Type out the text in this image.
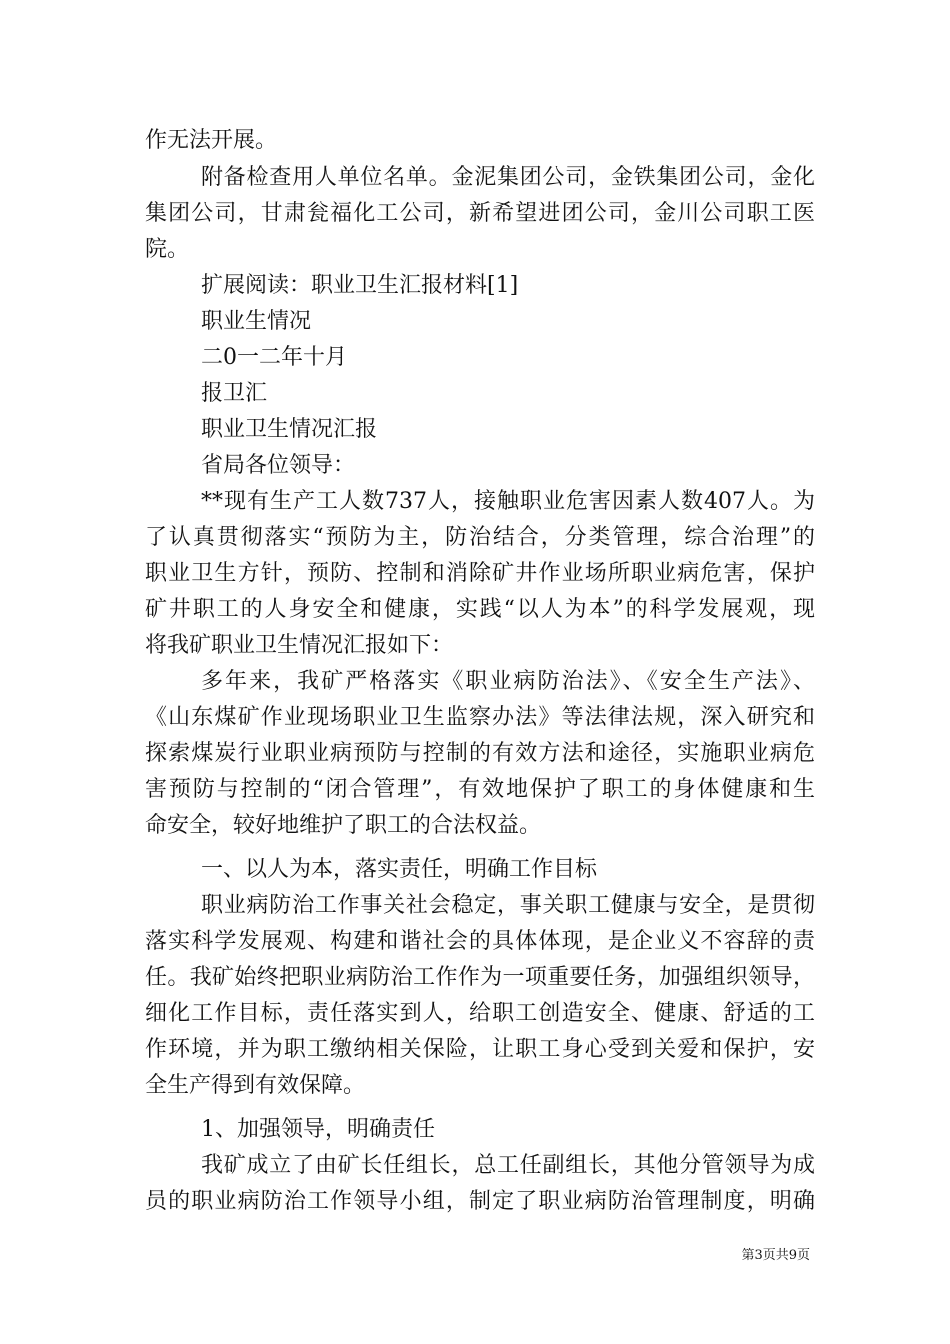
作无法开展。
附备检查用人单位名单。金泥集团公司，金铁集团公司，金化
集团公司，甘肃瓮福化工公司，新希望进团公司，金川公司职工医
院。
扩展阅读：职业卫生汇报材料[1]
职业生情况
二0一二年十月
报卫汇
职业卫生情况汇报
省局各位领导：
**现有生产工人数737人，接触职业危害因素人数407人。为
了认真贯彻落实“预防为主，防治结合，分类管理，综合治理”的
职业卫生方针，预防、控制和消除矿井作业场所职业病危害，保护
矿井职工的人身安全和健康，实践“以人为本”的科学发展观，现
将我矿职业卫生情况汇报如下：
多年来，我矿严格落实《职业病防治法》、《安全生产法》、
《山东煤矿作业现场职业卫生监察办法》等法律法规，深入研究和
探索煤炭行业职业病预防与控制的有效方法和途径，实施职业病危
害预防与控制的“闭合管理”，有效地保护了职工的身体健康和生
命安全，较好地维护了职工的合法权益。
一、以人为本，落实责任，明确工作目标
职业病防治工作事关社会稳定，事关职工健康与安全，是贯彻
落实科学发展观、构建和谐社会的具体体现，是企业义不容辞的责
任。我矿始终把职业病防治工作作为一项重要任务，加强组织领导，
细化工作目标，责任落实到人，给职工创造安全、健康、舒适的工
作环境，并为职工缴纳相关保险，让职工身心受到关爱和保护，安
全生产得到有效保障。
1、加强领导，明确责任
我矿成立了由矿长任组长，总工任副组长，其他分管领导为成
员的职业病防治工作领导小组，制定了职业病防治管理制度，明确
第3页共9页
